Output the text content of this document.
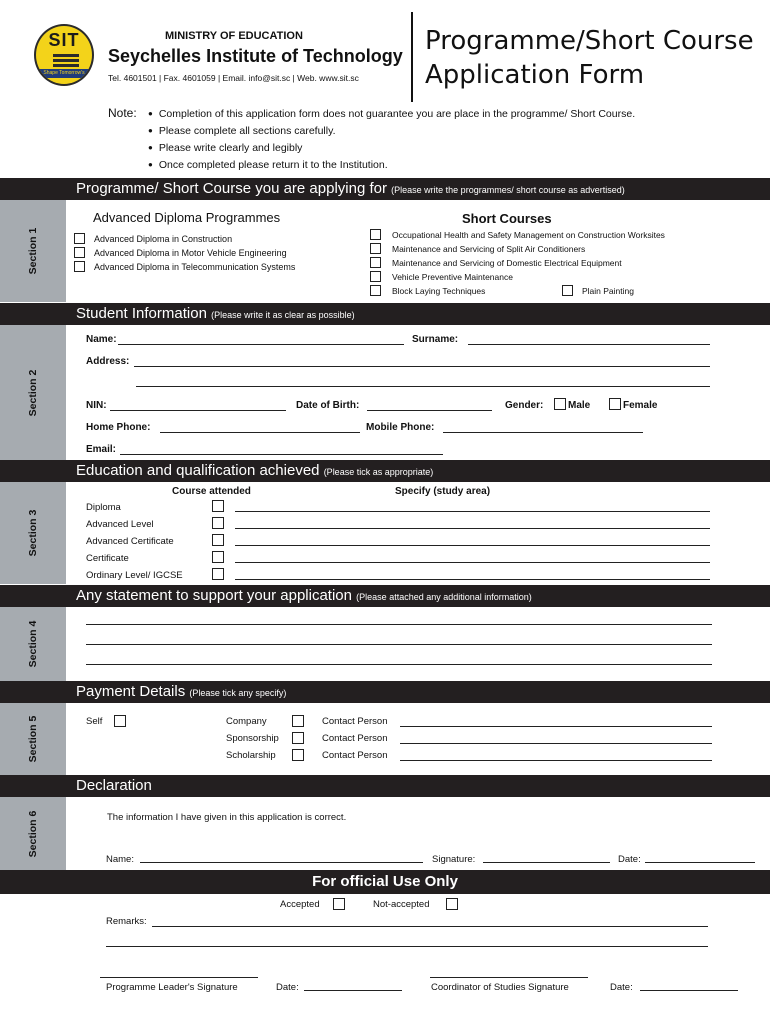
SIT
Shape Tomorrow's Workforce
MINISTRY OF EDUCATION
Seychelles Institute of Technology
Tel. 4601501 | Fax. 4601059 | Email. info@sit.sc | Web. www.sit.sc
Programme/Short Course
Application Form
Note:
●	Completion of this application form does not guarantee you are place in the programme/ Short Course.
● Please complete all sections carefully.
● Please write clearly and legibly
● Once completed please return it to the Institution.
Programme/ Short Course you are applying for (Please write the programmes/ short course as advertised)
Section 1
Advanced Diploma Programmes
Advanced Diploma in Construction
Advanced Diploma in Motor Vehicle Engineering
Advanced Diploma in Telecommunication Systems
Short Courses
Occupational Health and Safety Management on Construction Worksites
Maintenance and Servicing of Split Air Conditioners
Maintenance and Servicing of Domestic Electrical Equipment
Vehicle Preventive Maintenance
Block Laying Techniques	Plain Painting
Student Information (Please write it as clear as possible)
Section 2
Name:	Surname:
Address:
NIN:	Date of Birth:	Gender: Male	Female
Home Phone:	Mobile Phone:
Email:
Education and qualification achieved (Please tick as appropriate)
Section 3
Course attended	Specify (study area)
Diploma
Advanced Level
Advanced Certificate
Certificate
Ordinary Level/ IGCSE
Any statement to support your application (Please attached any additional information)
Section 4
Payment Details (Please tick any specify)
Section 5	Self	Company
Sponsorship
Scholarship
Contact Person
Contact Person
Contact Person
Declaration
Section 6	The information I have given in this application is correct.
Name:	Signature:	Date:
For official Use Only
Accepted	Not-accepted
Remarks:
Programme Leader's Signature	Date:	Coordinator of Studies Signature	Date:
